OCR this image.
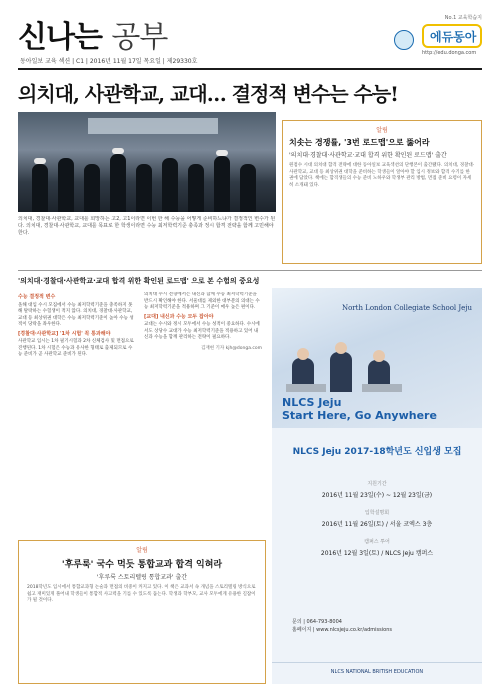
신나는 공부
동아일보 교육 섹션 | C1 | 2016년 11월 17일 목요일 | 제29330호
No.1 교육학습지
에듀동아
http://edu.donga.com
의치대, 사관학교, 교대… 결정적 변수는 수능!
의치대, 경찰대·사관학교, 교대를 희망하는 고2, 고1이라면 이번 한 해 수능을 어떻게 준비하느냐가 결정적인 변수가 된다. 의치대, 경찰대·사관학교, 교대를 목표로 한 학생이라면 수능 최저학력기준 충족과 정시 합격 전략을 함께 고민해야 한다.
알림
치솟는 경쟁률, '3번 로드맵'으로 뚫어라
'의치대·경찰대·사관학교·교대 합격 위한 확인된 로드맵' 출간
원점수 시대 의치대 합격 전략에 대한 동아일보 교육섹션의 단행본이 출간됐다. 의치대, 경찰대·사관학교, 교대 등 최상위권 대학을 준비하는 학생들이 알아야 할 입시 정보와 합격 수기를 한 권에 담았다. 책에는 합격생들의 수능 준비 노하우와 학생부 관리 방법, 면접 준비 요령이 자세히 소개돼 있다.
'의치대·경찰대·사관학교·교대 합격 위한 확인된 로드맵' 으로 본 수험의 중요성
수능 결정적 변수
올해 대입 수시 모집에서 수능 최저학력기준을 충족하지 못해 탈락하는 수험생이 적지 않다. 의치대, 경찰대·사관학교, 교대 등 최상위권 대학은 수능 최저학력기준이 높아 수능 성적이 당락을 좌우한다.
[경찰대·사관학교] '1차 시험' 꼭 통과해야
사관학교 입시는 1차 필기시험과 2차 신체검사 및 면접으로 진행된다. 1차 시험은 수능과 유사한 형태로 출제되므로 수능 준비가 곧 사관학교 준비가 된다.
의치대 수시 전형에서는 내신과 함께 수능 최저학력기준을 반드시 확인해야 한다. 서울대를 제외한 대부분의 의대는 수능 최저학력기준을 적용하며 그 기준이 매우 높은 편이다.
[교대] 내신과 수능 모두 잡아야
교대는 수시와 정시 모두에서 수능 성적이 중요하다. 수시에서도 상당수 교대가 수능 최저학력기준을 적용하고 있어 내신과 수능을 함께 관리하는 전략이 필요하다.
김재현 기자 kjh@donga.com
North London Collegiate School Jeju
NLCS Jeju
Start Here, Go Anywhere
NLCS Jeju 2017-18학년도 신입생 모집
지원기간
2016년 11월 23일(수) ~ 12월 23일(금)
입학설명회
2016년 11월 26일(토) / 서울 코엑스 3층
캠퍼스 투어
2016년 12월 3일(토) / NLCS Jeju 캠퍼스
문의 | 064-793-8004
홈페이지 | www.nlcsjeju.co.kr/admissions
NLCS NATIONAL BRITISH EDUCATION
알림
'후루룩' 국수 먹듯 통합교과 합격 익혀라
'후루룩 스토리텔링 통합교과' 출간
2018학년도 입시에서 통합교과형 논술과 면접의 비중이 커지고 있다. 이 책은 교과서 속 개념을 스토리텔링 방식으로 쉽고 재미있게 풀어내 학생들이 통합적 사고력을 기를 수 있도록 돕는다. 학생과 학부모, 교사 모두에게 유용한 길잡이가 될 것이다.
